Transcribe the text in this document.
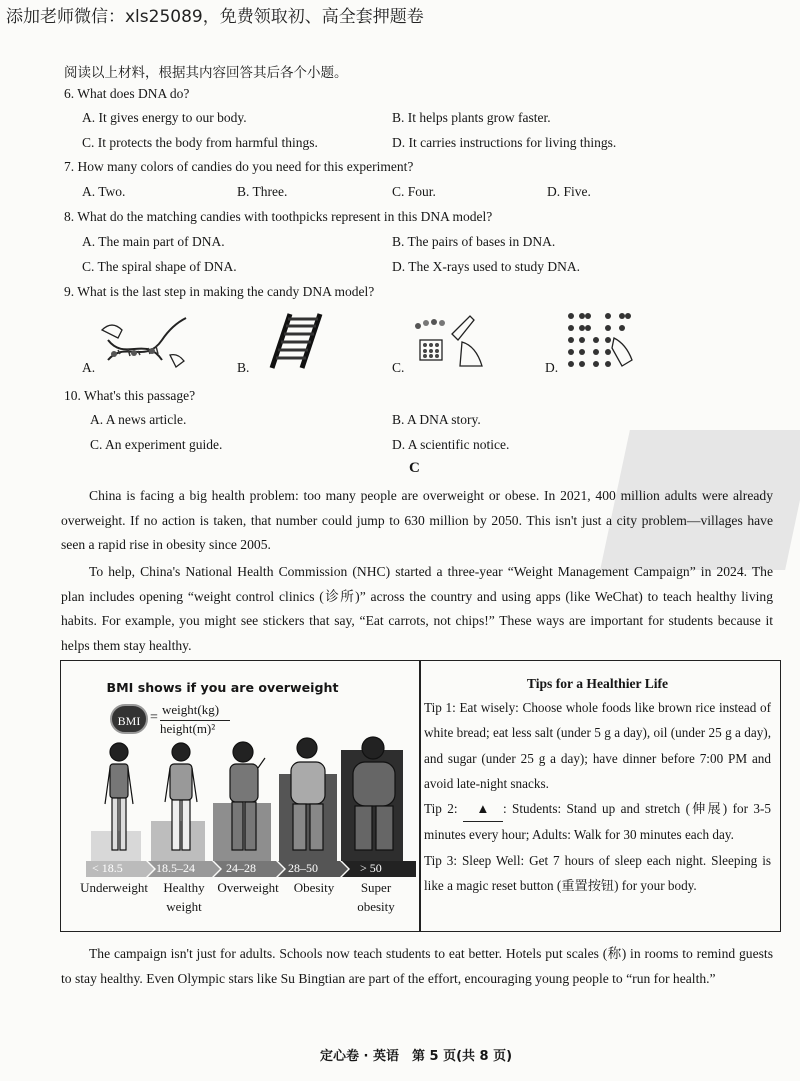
添加老师微信：xls25089，免费领取初、高全套押题卷
阅读以上材料，根据其内容回答其后各个小题。
6. What does DNA do?
A. It gives energy to our body.	B. It helps plants grow faster.
C. It protects the body from harmful things.	D. It carries instructions for living things.
7. How many colors of candies do you need for this experiment?
A. Two.	B. Three.	C. Four.	D. Five.
8. What do the matching candies with toothpicks represent in this DNA model?
A. The main part of DNA.	B. The pairs of bases in DNA.
C. The spiral shape of DNA.	D. The X-rays used to study DNA.
9. What is the last step in making the candy DNA model?
A.	B.	C.	D.
10. What's this passage?
A. A news article.	B. A DNA story.
C. An experiment guide.	D. A scientific notice.
C
China is facing a big health problem: too many people are overweight or obese. In 2021, 400 million adults were already overweight. If no action is taken, that number could jump to 630 million by 2050. This isn't just a city problem—villages have seen a rapid rise in obesity since 2005.
To help, China's National Health Commission (NHC) started a three-year “Weight Management Campaign” in 2024. The plan includes opening “weight control clinics (诊所)” across the country and using apps (like WeChat) to teach healthy living habits. For example, you might see stickers that say, “Eat carrots, not chips!” These ways are important for students because it helps them stay healthy.
BMI shows if you are overweight
BMI =
weight(kg)
height(m)²
< 18.5	18.5–24	24–28	28–50	> 50
Underweight	Healthy weight
Overweight	Obesity	Super obesity
Tips for a Healthier Life
Tip 1: Eat wisely: Choose whole foods like brown rice instead of white bread; eat less salt (under 5 g a day), oil (under 25 g a day), and sugar (under 25 g a day); have dinner before 7:00 PM and avoid late-night snacks.
Tip 2: ▲ : Students: Stand up and stretch (伸展) for 3-5 minutes every hour; Adults: Walk for 30 minutes each day.
Tip 3: Sleep Well: Get 7 hours of sleep each night. Sleeping is like a magic reset button (重置按钮) for your body.
The campaign isn't just for adults. Schools now teach students to eat better. Hotels put scales (称) in rooms to remind guests to stay healthy. Even Olympic stars like Su Bingtian are part of the effort, encouraging young people to “run for health.”
定心卷 · 英语　第 5 页(共 8 页)
